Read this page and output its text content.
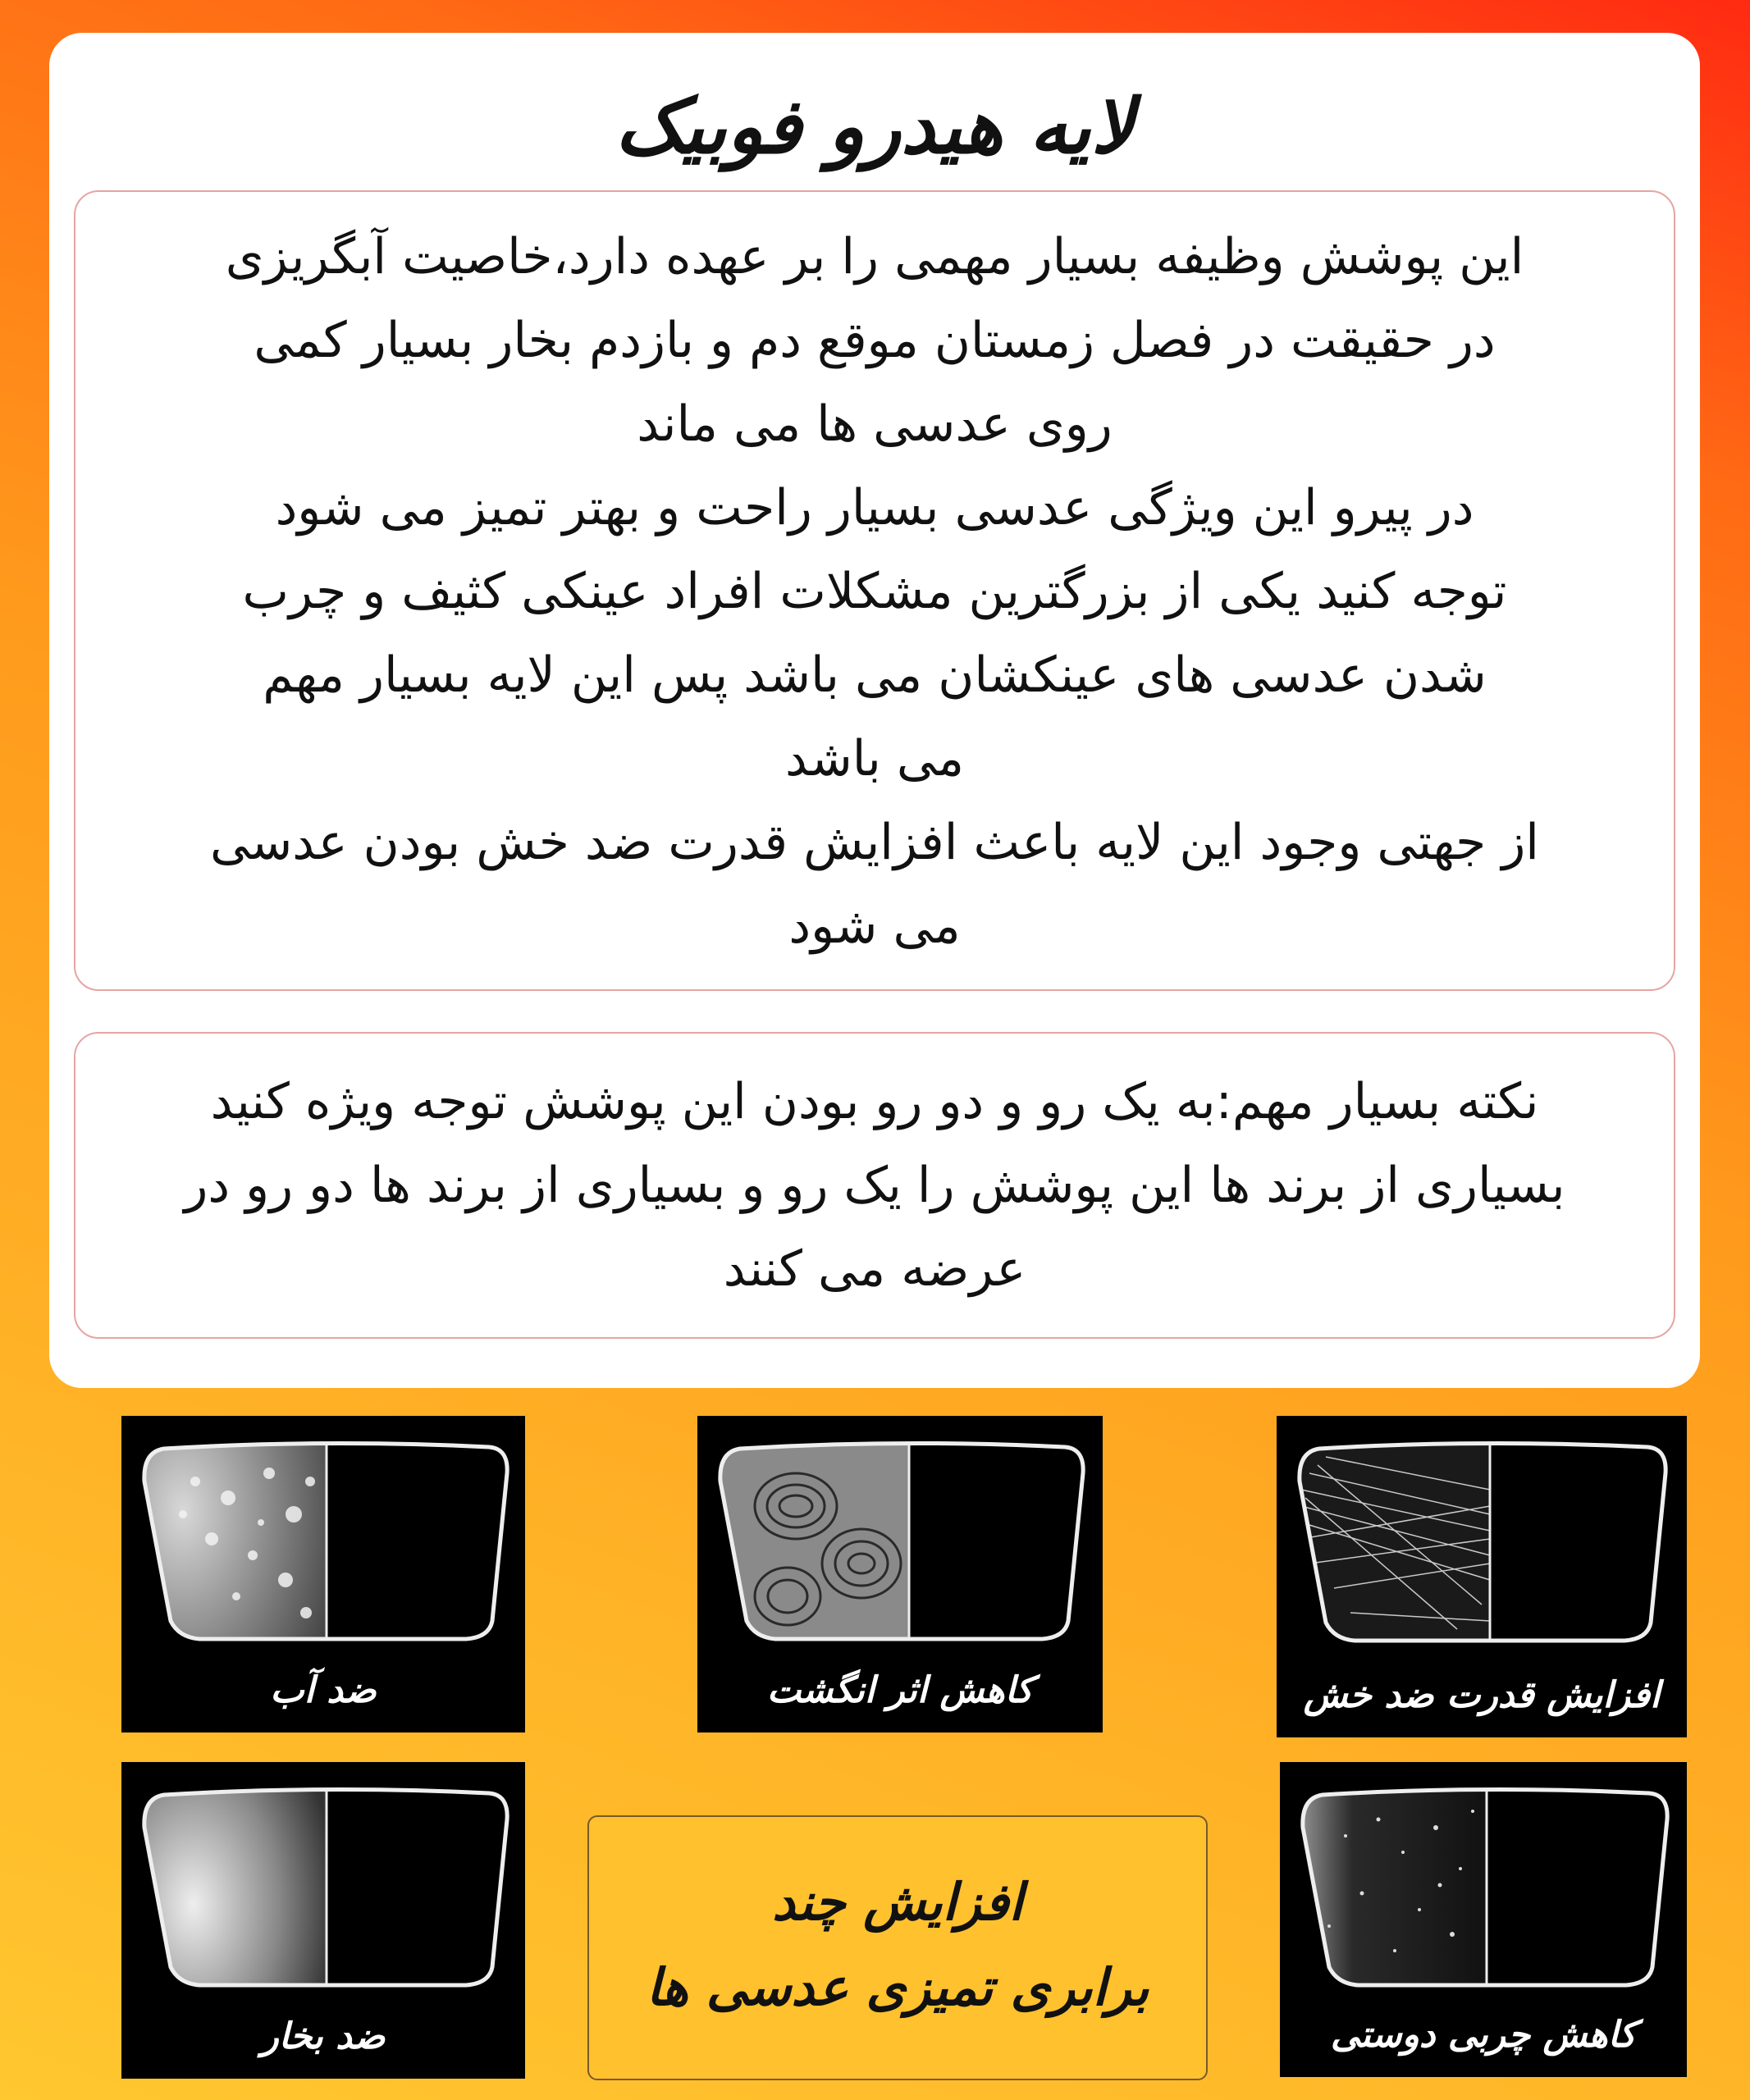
لایه هیدرو فوبیک
این پوشش وظیفه بسیار مهمی را بر عهده دارد،خاصیت آبگریزی
در حقیقت در فصل زمستان موقع دم و بازدم بخار بسیار کمی
روی عدسی ها می ماند
در پیرو این ویژگی عدسی بسیار راحت و بهتر تمیز می شود
توجه کنید یکی از بزرگترین مشکلات افراد عینکی کثیف و چرب
شدن عدسی های عینکشان می باشد پس این لایه بسیار مهم
می باشد
از جهتی وجود این لایه باعث افزایش قدرت ضد خش بودن عدسی
می شود
نکته بسیار مهم:به یک رو و دو رو بودن این پوشش توجه ویژه کنید
بسیاری از برند ها این پوشش را یک رو و بسیاری از برند ها دو رو در
عرضه می کنند
ضد آب	کاهش اثر انگشت	افزایش قدرت ضد خش
ضد بخار	کاهش چربی دوستی
افزایش چند
برابری تمیزی عدسی ها
